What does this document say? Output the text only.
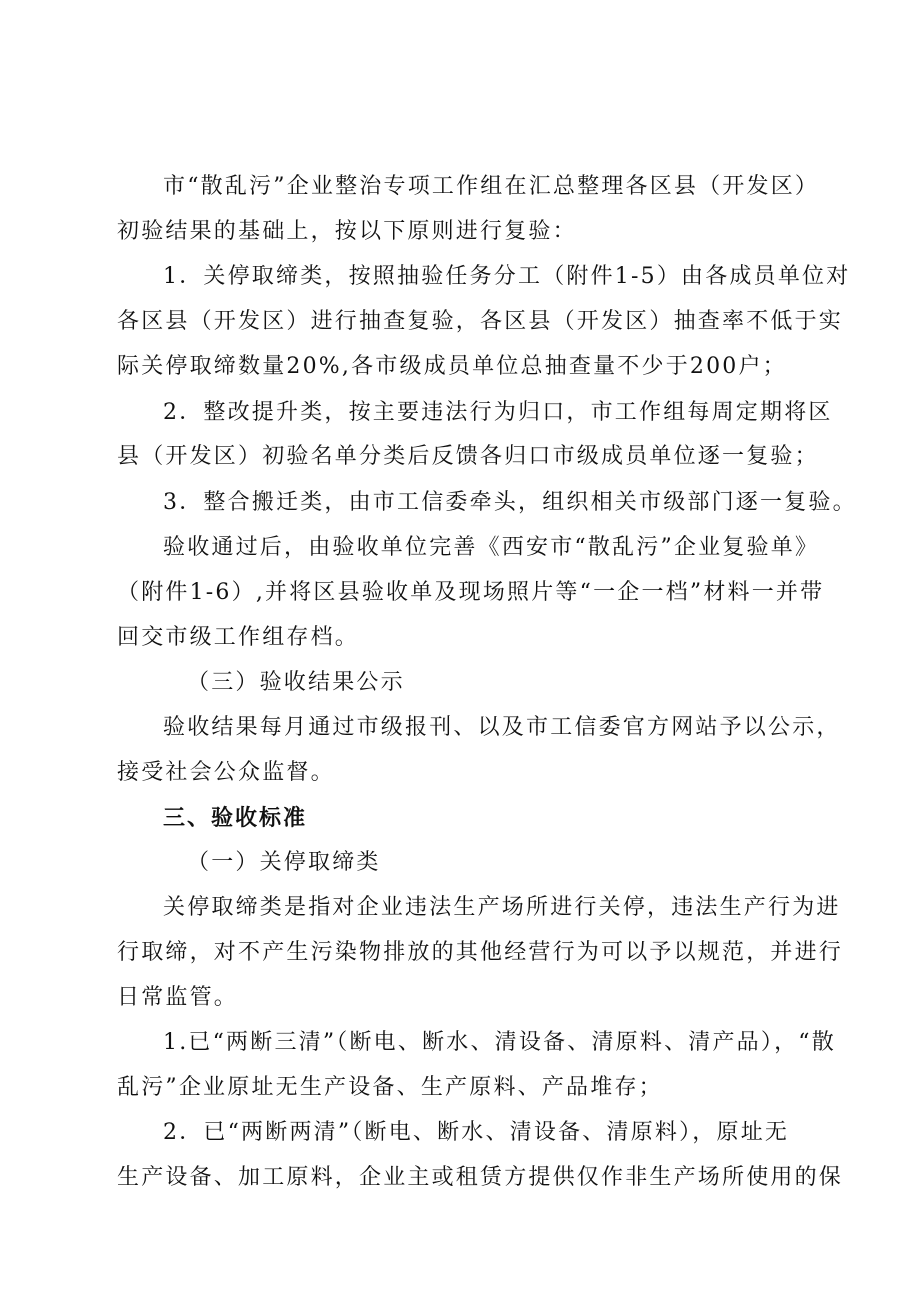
市“散乱污”企业整治专项工作组在汇总整理各区县（开发区）
初验结果的基础上，按以下原则进行复验：
1．关停取缔类，按照抽验任务分工（附件1-5）由各成员单位对
各区县（开发区）进行抽查复验，各区县（开发区）抽查率不低于实
际关停取缔数量20%,各市级成员单位总抽查量不少于200户；
2．整改提升类，按主要违法行为归口，市工作组每周定期将区
县（开发区）初验名单分类后反馈各归口市级成员单位逐一复验；
3．整合搬迁类，由市工信委牵头，组织相关市级部门逐一复验。
验收通过后，由验收单位完善《西安市“散乱污”企业复验单》
（附件1-6）,并将区县验收单及现场照片等“一企一档”材料一并带
回交市级工作组存档。
（三）验收结果公示
验收结果每月通过市级报刊、以及市工信委官方网站予以公示，
接受社会公众监督。
三、验收标准
（一）关停取缔类
关停取缔类是指对企业违法生产场所进行关停，违法生产行为进
行取缔，对不产生污染物排放的其他经营行为可以予以规范，并进行
日常监管。
1.已“两断三清”（断电、断水、清设备、清原料、清产品），“散
乱污”企业原址无生产设备、生产原料、产品堆存；
2．已“两断两清”（断电、断水、清设备、清原料），原址无
生产设备、加工原料，企业主或租赁方提供仅作非生产场所使用的保
